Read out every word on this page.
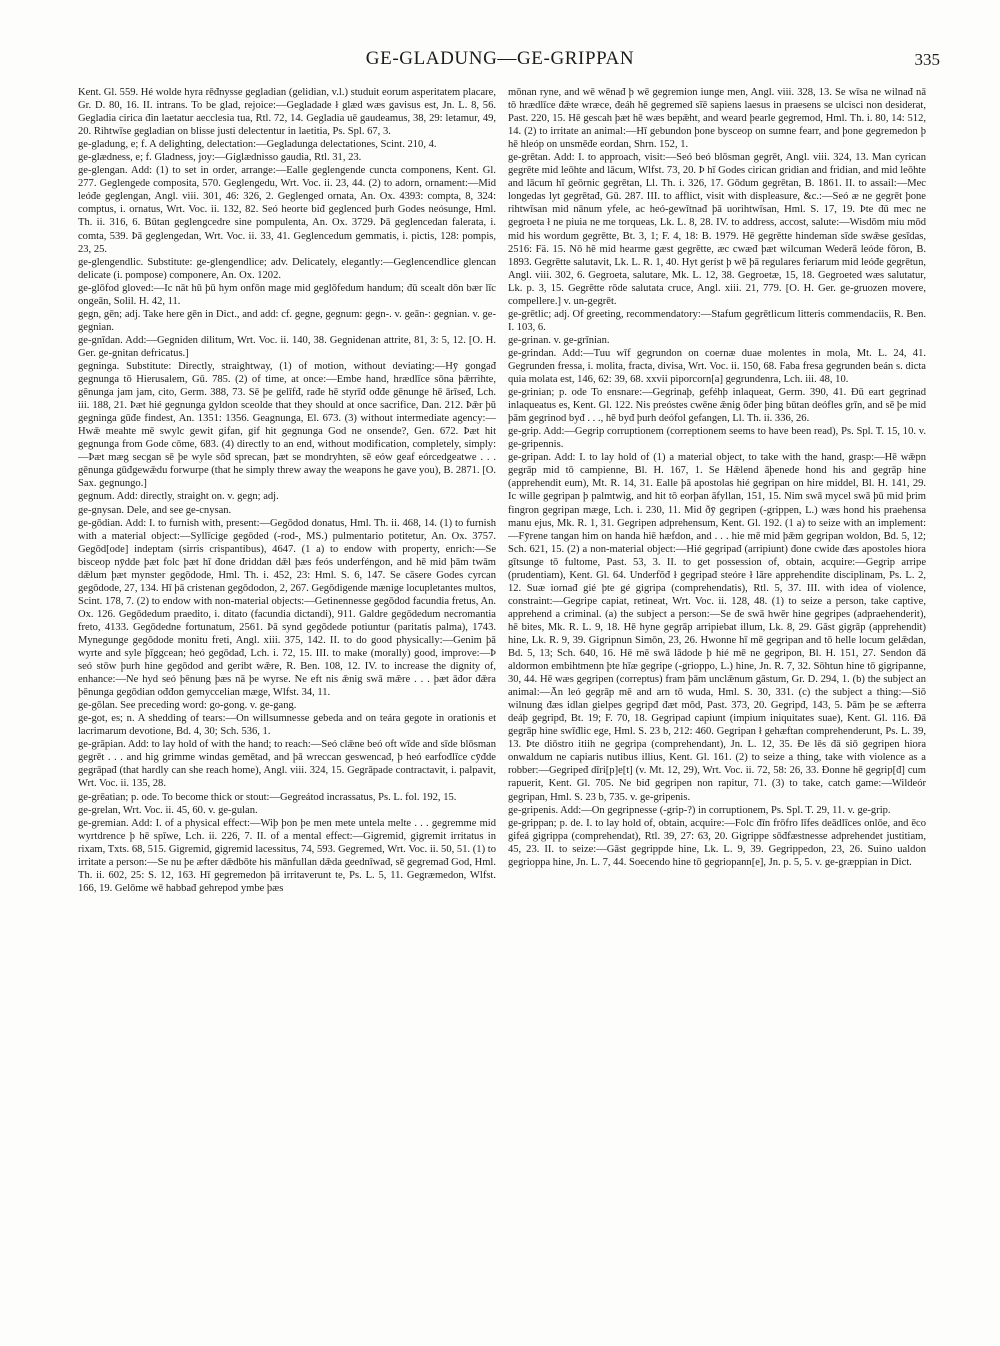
GE-GLADUNG—GE-GRIPPAN	335

Kent. Gl. 559. Hé wolde hyra rēđnysse gegladian (gelidian, v.l.) studuit eorum asperitatem placare, Gr. D. 80, 16. II. intrans. To be glad, rejoice:—Gegladade ł glæd wæs gavisus est, Jn. L. 8, 56. Gegladia cirica đin laetatur aecclesia tua, Rtl. 72, 14. Gegladia uē gaudeamus, 38, 29: letamur, 49, 20. Rihtwīse gegladian on blisse justi delectentur in laetitia, Ps. Spl. 67, 3.

ge-gladung, e; f. A delighting, delectation:—Gegladunga delectationes, Scint. 210, 4.

ge-glædness, e; f. Gladness, joy:—Giglædnisso gaudia, Rtl. 31, 23.

ge-glengan. Add: (1) to set in order, arrange:—Ealle geglengende cuncta componens, Kent. Gl. 277. Geglengede composita, 570. Geglengedu, Wrt. Voc. ii. 23, 44. (2) to adorn, ornament:—Mid leóđe geglengan, Angl. viii. 301, 46: 326, 2. Geglenged ornata, An. Ox. 4393: compta, 8, 324: comptus, i. ornatus, Wrt. Voc. ii. 132, 82. Seó heorte biđ geglenced þurh Godes neósunge, Hml. Th. ii. 316, 6. Būtan geglengcedre sine pompulenta, An. Ox. 3729. Þā geglencedan falerata, i. comta, 539. Þā geglengedan, Wrt. Voc. ii. 33, 41. Geglencedum gemmatis, i. pictis, 128: pompis, 23, 25.

ge-glengendlic. Substitute: ge-glengendlice; adv. Delicately, elegantly:—Geglencendlice glencan delicate (i. pompose) componere, An. Ox. 1202.

ge-glōfod gloved:—Ic nāt hū þū hym onfōn mage mid geglōfedum handum; đū scealt dōn bær līc ongeān, Solil. H. 42, 11.

gegn, gēn; adj. Take here gēn in Dict., and add: cf. gegne, gegnum: gegn-. v. geān-: gegnian. v. ge-gegnian.

ge-gnīdan. Add:—Gegniden dilitum, Wrt. Voc. ii. 140, 38. Gegnidenan attrite, 81, 3: 5, 12. [O. H. Ger. ge-gnitan defricatus.]

gegninga. Substitute: Directly, straightway, (1) of motion, without deviating:—Hȳ gongađ gegnunga tō Hierusalem, Gū. 785. (2) of time, at once:—Embe hand, hrædlīce sōna þǣrrihte, gēnunga jam jam, cito, Germ. 388, 73. Sē þe gelīfđ, rađe hē styrīđ ođđe gēnunge hē ārīseđ, Lch. iii. 188, 21. Þæt hié gegnunga gyldon sceolde that they should at once sacrifice, Dan. 212. Þǣr þū gegninga gūđe findest, An. 1351: 1356. Geagnunga, El. 673. (3) without intermediate agency:—Hwǣ meahte mē swylc gewit gifan, gif hit gegnunga God ne onsende?, Gen. 672. Þæt hit gegnunga from Gode cōme, 683. (4) directly to an end, without modification, completely, simply:—Þæt mæg secgan sē þe wyle sōđ sprecan, þæt se mondryhten, sē eów geaf eórcedgeatwe . . . gēnunga gūđgewǣdu forwurpe (that he simply threw away the weapons he gave you), B. 2871. [O. Sax. gegnungo.]

gegnum. Add: directly, straight on. v. gegn; adj.

ge-gnysan. Dele, and see ge-cnysan.

ge-gōdian. Add: I. to furnish with, present:—Gegōdod donatus, Hml. Th. ii. 468, 14. (1) to furnish with a material object:—Syllīcige gegōded (-rod-, MS.) pulmentario potitetur, An. Ox. 3757. Gegōd[ode] indeptam (sirris crispantibus), 4647. (1 a) to endow with property, enrich:—Se bisceop nȳdde þæt folc þæt hī đone đriddan dǣl þæs feós underféngon, and hē mid þām twām dǣlum þæt mynster gegōdode, Hml. Th. i. 452, 23: Hml. S. 6, 147. Se cāsere Godes cyrcan gegōdode, 27, 134. Hī þā cristenan gegōdodon, 2, 267. Gegōdigende mænige locupletantes multos, Scint. 178, 7. (2) to endow with non-material objects:—Getinennesse gegōdod facundia fretus, An. Ox. 126. Gegōdedum praedito, i. ditato (facundia dictandi), 911. Galdre gegōdedum necromantia freto, 4133. Gegōdedne fortunatum, 2561. Þā synd gegōdede potiuntur (paritatis palma), 1743. Mynegunge gegōdode monitu freti, Angl. xiii. 375, 142. II. to do good physically:—Genim þā wyrte and syle þīggcean; heó gegōdađ, Lch. i. 72, 15. III. to make (morally) good, improve:—Þ seó stōw þurh hine gegōdod and geribt wǣre, R. Ben. 108, 12. IV. to increase the dignity of, enhance:—Ne hyd seó þēnung þæs nā þe wyrse. Ne eft nis ǣnig swā mǣre . . . þæt āđor đǣra þēnunga gegōdian ođđon gemyccelian mæge, Wlfst. 34, 11.

ge-gōlan. See preceding word: go-gong. v. ge-gang.

ge-got, es; n. A shedding of tears:—On willsumnesse gebeda and on teára gegote in orationis et lacrimarum devotione, Bd. 4, 30; Sch. 536, 1.

ge-grāpian. Add: to lay hold of with the hand; to reach:—Seó clǣne beó oft wīde and sīde blōsman gegrēt . . . and hig grimme windas gemētad, and þā wreccan geswencađ, þ heó earfođlīce cȳđde gegrāpađ (that hardly can she reach home), Angl. viii. 324, 15. Gegrāpade contractavit, i. palpavit, Wrt. Voc. ii. 135, 28.

ge-grēatian; p. ode. To become thick or stout:—Gegreátod incrassatus, Ps. L. fol. 192, 15.

ge-grelan, Wrt. Voc. ii. 45, 60. v. ge-gulan.

ge-gremian. Add: I. of a physical effect:—Wiþ þon þe men mete untela melte . . . gegremme mid wyrtdrence þ hē spīwe, Lch. ii. 226, 7. II. of a mental effect:—Gigremid, gigremit irritatus in rixam, Txts. 68, 515. Gigremid, gigremid lacessitus, 74, 593. Gegremed, Wrt. Voc. ii. 50, 51. (1) to irritate a person:—Se nu þe æfter dǣdbōte his mānfullan dǣda geednīwađ, sē gegremađ God, Hml. Th. ii. 602, 25: S. 12, 163. Hī gegremedon þā irritaverunt te, Ps. L. 5, 11. Gegræmedon, Wlfst. 166, 19. Gelōme wē habbađ gehrepod ymbe þæs

mōnan ryne, and wē wēnađ þ wē gegremion iunge men, Angl. viii. 328, 13. Se wīsa ne wilnađ nā tō hrædlīce đǣte wræce, đeáh hē gegremed sīē sapiens laesus in praesens se ulcisci non desiderat, Past. 220, 15. Hē gescah þæt hē wæs bepǣht, and weard þearle gegremod, Hml. Th. i. 80, 14: 512, 14. (2) to irritate an animal:—Hī gebundon þone bysceop on sumne fearr, and þone gegremedon þ hē hleóp on unsmēđe eordan, Shrn. 152, 1.

ge-grētan. Add: I. to approach, visit:—Seó beó blōsman gegrēt, Angl. viii. 324, 13. Man cyrican gegrēte mid leōhte and lācum, Wlfst. 73, 20. Þ hī Godes cirican gridian and fridian, and mid leōhte and lācum hī geōrnic gegrētan, Ll. Th. i. 326, 17. Gōdum gegrētan, B. 1861. II. to assail:—Mec longedas lyt gegrētađ, Gū. 287. III. to afflict, visit with displeasure, &c.:—Seó æ ne gegrēt þone rihtwīsan mid nānum yfele, ac heó-gewītnađ þā uorihtwīsan, Hml. S. 17, 19. Þte đū mec ne gegroeta ł ne piuia ne me torqueas, Lk. L. 8, 28. IV. to address, accost, salute:—Wisdōm miu mōd mid his wordum gegrētte, Bt. 3, 1; F. 4, 18: B. 1979. Hē gegrētte hindeman sīde swǣse gesīdas, 2516: Fä. 15. Nō hē mid hearme gæst gegrētte, æc cwæđ þæt wilcuman Wederā leóde fōron, B. 1893. Gegrētte salutavit, Lk. L. R. 1, 40. Hyt geríst þ wē þā regulares feriarum mid leóđe gegrētun, Angl. viii. 302, 6. Gegroeta, salutare, Mk. L. 12, 38. Gegroetæ, 15, 18. Gegroeted wæs salutatur, Lk. p. 3, 15. Gegrētte rōde salutata cruce, Angl. xiii. 21, 779. [O. H. Ger. ge-gruozen movere, compellere.] v. un-gegrēt.

ge-grētlic; adj. Of greeting, recommendatory:—Stafum gegrētlicum litteris commendaciis, R. Ben. I. 103, 6.

ge-grinan. v. ge-grīnian.

ge-grindan. Add:—Tuu wīf gegrundon on coernæ duae molentes in mola, Mt. L. 24, 41. Gegrunden fressa, i. molita, fracta, divisa, Wrt. Voc. ii. 150, 68. Faba fresa gegrunden beán s. dicta quia molata est, 146, 62: 39, 68. xxvii piporcorn[a] gegrundenra, Lch. iii. 48, 10.

ge-grinian; p. ode To ensnare:—Gegrinaþ, geféhþ inlaqueat, Germ. 390, 41. Đū eart gegrinad inlaqueatus es, Kent. Gl. 122. Nis preóstes cwēne ǣnig ōđer þing būtan deófles grīn, and sē þe mid þām gegrinod byđ . . ., hē byđ þurh deófol gefangen, Ll. Th. ii. 336, 26.

ge-grip. Add:—Gegrip corruptionem (correptionem seems to have been read), Ps. Spl. T. 15, 10. v. ge-gripennis.

ge-gripan. Add: I. to lay hold of (1) a material object, to take with the hand, grasp:—Hē wǣpn gegrāp mid tō campienne, Bl. H. 167, 1. Se Hǣlend āþenede hond his and gegrāp hine (apprehendit eum), Mt. R. 14, 31. Ealle þā apostolas hié gegripan on hire middel, Bl. H. 141, 29. Ic wille gegripan þ palmtwig, and hit tō eorþan āfyllan, 151, 15. Nim swā mycel swā þū mid þrim fingron gegripan mæge, Lch. i. 230, 11. Mid ðȳ gegripen (-grippen, L.) wæs hond his praehensa manu ejus, Mk. R. 1, 31. Gegripen adprehensum, Kent. Gl. 192. (1 a) to seize with an implement:—Fȳrene tangan him on handa hiē hæfdon, and . . . hie mē mid þǣm gegripan woldon, Bd. 5, 12; Sch. 621, 15. (2) a non-material object:—Hié gegripađ (arripiunt) đone cwide đæs apostoles hiora gītsunge tō fultome, Past. 53, 3. II. to get possession of, obtain, acquire:—Gegrip arripe (prudentiam), Kent. Gl. 64. Underfōđ ł gegripađ steóre ł lāre apprehendite disciplinam, Ps. L. 2, 12. Suæ iornađ gié þte gé gigripa (comprehendatis), Rtl. 5, 37. III. with idea of violence, constraint:—Gegripe capiat, retineat, Wrt. Voc. ii. 128, 48. (1) to seize a person, take captive, apprehend a criminal. (a) the subject a person:—Se đe swā hwēr hine gegripes (adpraehenderit), hē bites, Mk. R. L. 9, 18. Hē hyne gegrāp arripiebat illum, Lk. 8, 29. Gāst gigrāp (apprehendit) hine, Lk. R. 9, 39. Gigripnun Simōn, 23, 26. Hwonne hī mē gegripan and tō helle locum gelǣdan, Bd. 5, 13; Sch. 640, 16. Hē mē swā lādode þ hié mē ne gegripon, Bl. H. 151, 27. Sendon đā aldormon embihtmenn þte hīæ gegripe (-grioppo, L.) hine, Jn. R. 7, 32. Sōhtun hine tō gigripanne, 30, 44. Hē wæs gegripen (correptus) fram þām unclǣnum gāstum, Gr. D. 294, 1. (b) the subject an animal:—Ān leó gegrāp mē and arn tō wuda, Hml. S. 30, 331. (c) the subject a thing:—Siō wilnung đæs idlan gielpes gegripđ đæt mōd, Past. 373, 20. Gegripđ, 143, 5. Þām þe se æfterra deáþ gegripđ, Bt. 19; F. 70, 18. Gegripad capiunt (impium iniquitates suae), Kent. Gl. 116. Đā gegrāp hine swīđlic ege, Hml. S. 23 b, 212: 460. Gegripan ł gehæftan comprehenderunt, Ps. L. 39, 13. Þte diōstro itiih ne gegripa (comprehendant), Jn. L. 12, 35. Đe lēs đā siō gegripen hiora onwaldum ne capiaris nutibus illius, Kent. Gl. 161. (2) to seize a thing, take with violence as a robber:—Gegripeđ dīri[p]e[t] (v. Mt. 12, 29), Wrt. Voc. ii. 72, 58: 26, 33. Đonne hē gegrip[đ] cum rapuerit, Kent. Gl. 705. Ne biđ gegripen non rapitur, 71. (3) to take, catch game:—Wildeór gegripan, Hml. S. 23 b, 735. v. ge-gripenis.

ge-gripenis. Add:—On gegripnesse (-grip-?) in corruptionem, Ps. Spl. T. 29, 11. v. ge-grip.

ge-grippan; p. de. I. to lay hold of, obtain, acquire:—Folc đīn frōfro līfes deādlīces onlōe, and ēco gifeá gigrippa (comprehendat), Rtl. 39, 27: 63, 20. Gigrippe sōđfæstnesse adprehendet justitiam, 45, 23. II. to seize:—Gāst gegrippde hine, Lk. L. 9, 39. Gegrippedon, 23, 26. Suino ualdon gegrioppa hine, Jn. L. 7, 44. Soecendo hine tō gegriopann[e], Jn. p. 5, 5. v. ge-græppian in Dict.
